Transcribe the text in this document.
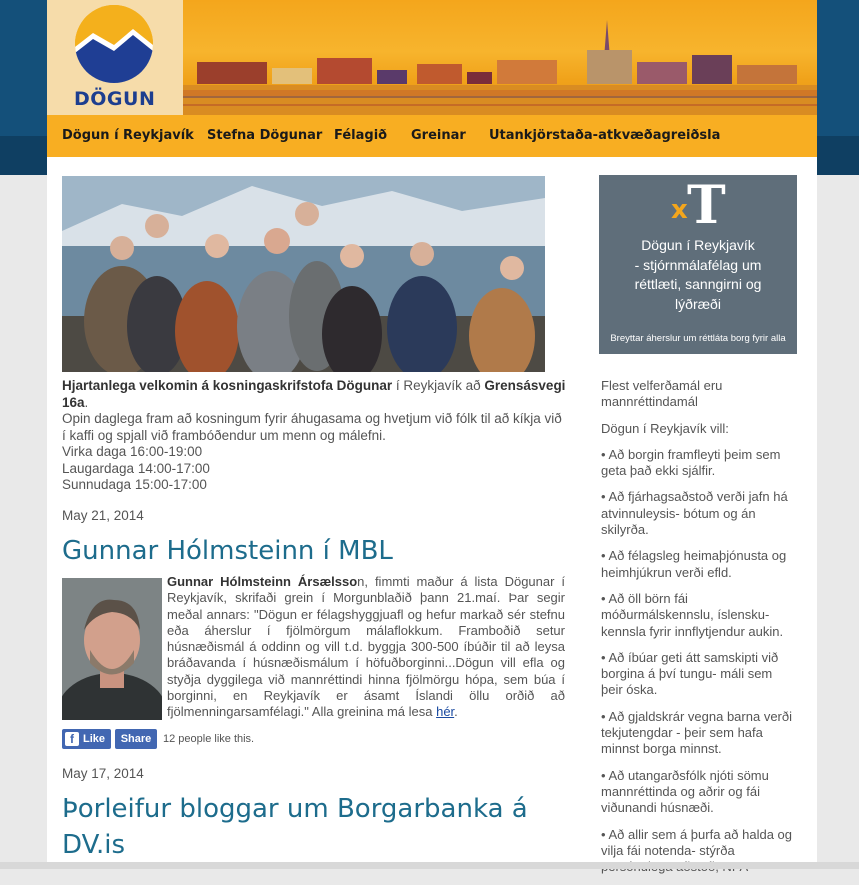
DÖGUN
Dögun í Reykjavík Stefna Dögunar Félagið Greinar Utankjörstaða-atkvæðagreiðsla
Hjartanlega velkomin á kosningaskrifstofa Dögunar í Reykjavík að Grensásvegi 16a.
Opin daglega fram að kosningum fyrir áhugasama og hvetjum við fólk til að kíkja við í kaffi og spjall við frambóðendur um menn og málefni.
Virka daga 16:00-19:00
Laugardaga 14:00-17:00
Sunnudaga 15:00-17:00
May 21, 2014
Gunnar Hólmsteinn í MBL
Gunnar Hólmsteinn Ársælsson, fimmti maður á lista Dögunar í Reykjavík, skrifaði grein í Morgunblaðið þann 21.maí. Þar segir meðal annars: "Dögun er félagshyggjuafl og hefur markað sér stefnu eða áherslur í fjölmörgum málaflokkum. Framboðið setur húsnæðismál á oddinn og vill t.d. byggja 300-500 íbúðir til að leysa bráðavanda í húsnæðismálum í höfuðborginni...Dögun vill efla og styðja dyggilega við mannréttindi hinna fjölmörgu hópa, sem búa í borginni, en Reykjavík er ásamt Íslandi öllu orðið að fjölmenningarsamfélagi." Alla greinina má lesa hér.
f Like	Share	12 people like this.
May 17, 2014
Þorleifur bloggar um Borgarbanka á DV.is
x T
Dögun í Reykjavík
- stjórnmálafélag um
réttlæti, sanngirni og
lýðræði
Breyttar áherslur um réttláta borg fyrir alla

Flest velferðamál eru mannréttindamál

Dögun í Reykjavík vill:

• Að borgin framfleyti þeim sem geta það ekki sjálfir.
• Að fjárhagsaðstoð verði jafn há atvinnuleysis- bótum og án skilyrða.
• Að félagsleg heimaþjónusta og heimhjúkrun verði efld.
• Að öll börn fái móðurmálskennslu, íslensku- kennsla fyrir innflytjendur aukin.
• Að íbúar geti átt samskipti við borgina á því tungu- máli sem þeir óska.
• Að gjaldskrár vegna barna verði tekjutengdar - þeir sem hafa minnst borga minnst.
• Að utangarðsfólk njóti sömu mannréttinda og aðrir og fái viðunandi húsnæði.
• Að allir sem á þurfa að halda og vilja fái notenda- stýrða
